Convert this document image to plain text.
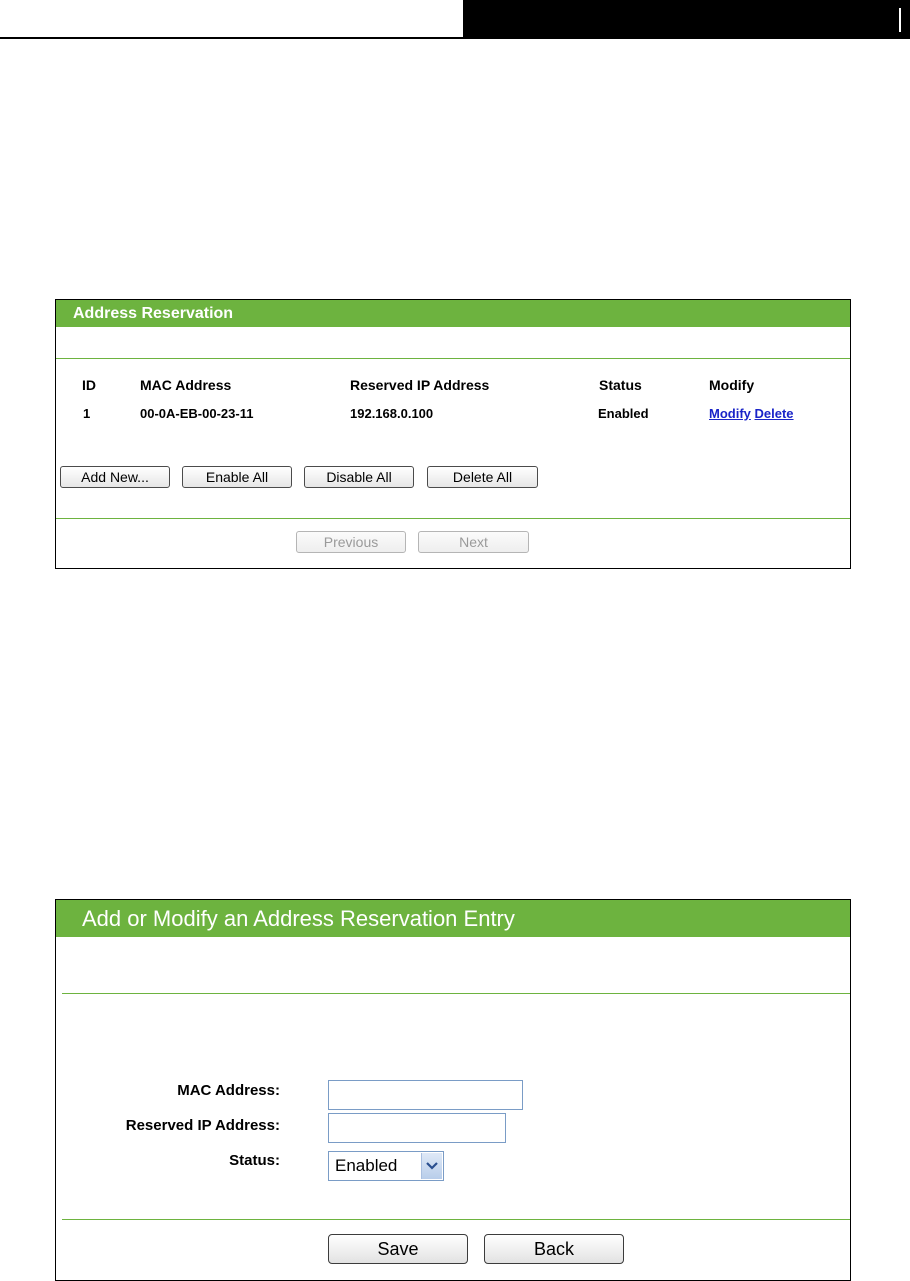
Address Reservation
ID	MAC Address	Reserved IP Address	Status	Modify
1	00-0A-EB-00-23-11	192.168.0.100	Enabled	Modify Delete
Add New...	Enable All	Disable All	Delete All
Previous	Next
Add or Modify an Address Reservation Entry
MAC Address:
Reserved IP Address:
Status:	Enabled
Save	Back
